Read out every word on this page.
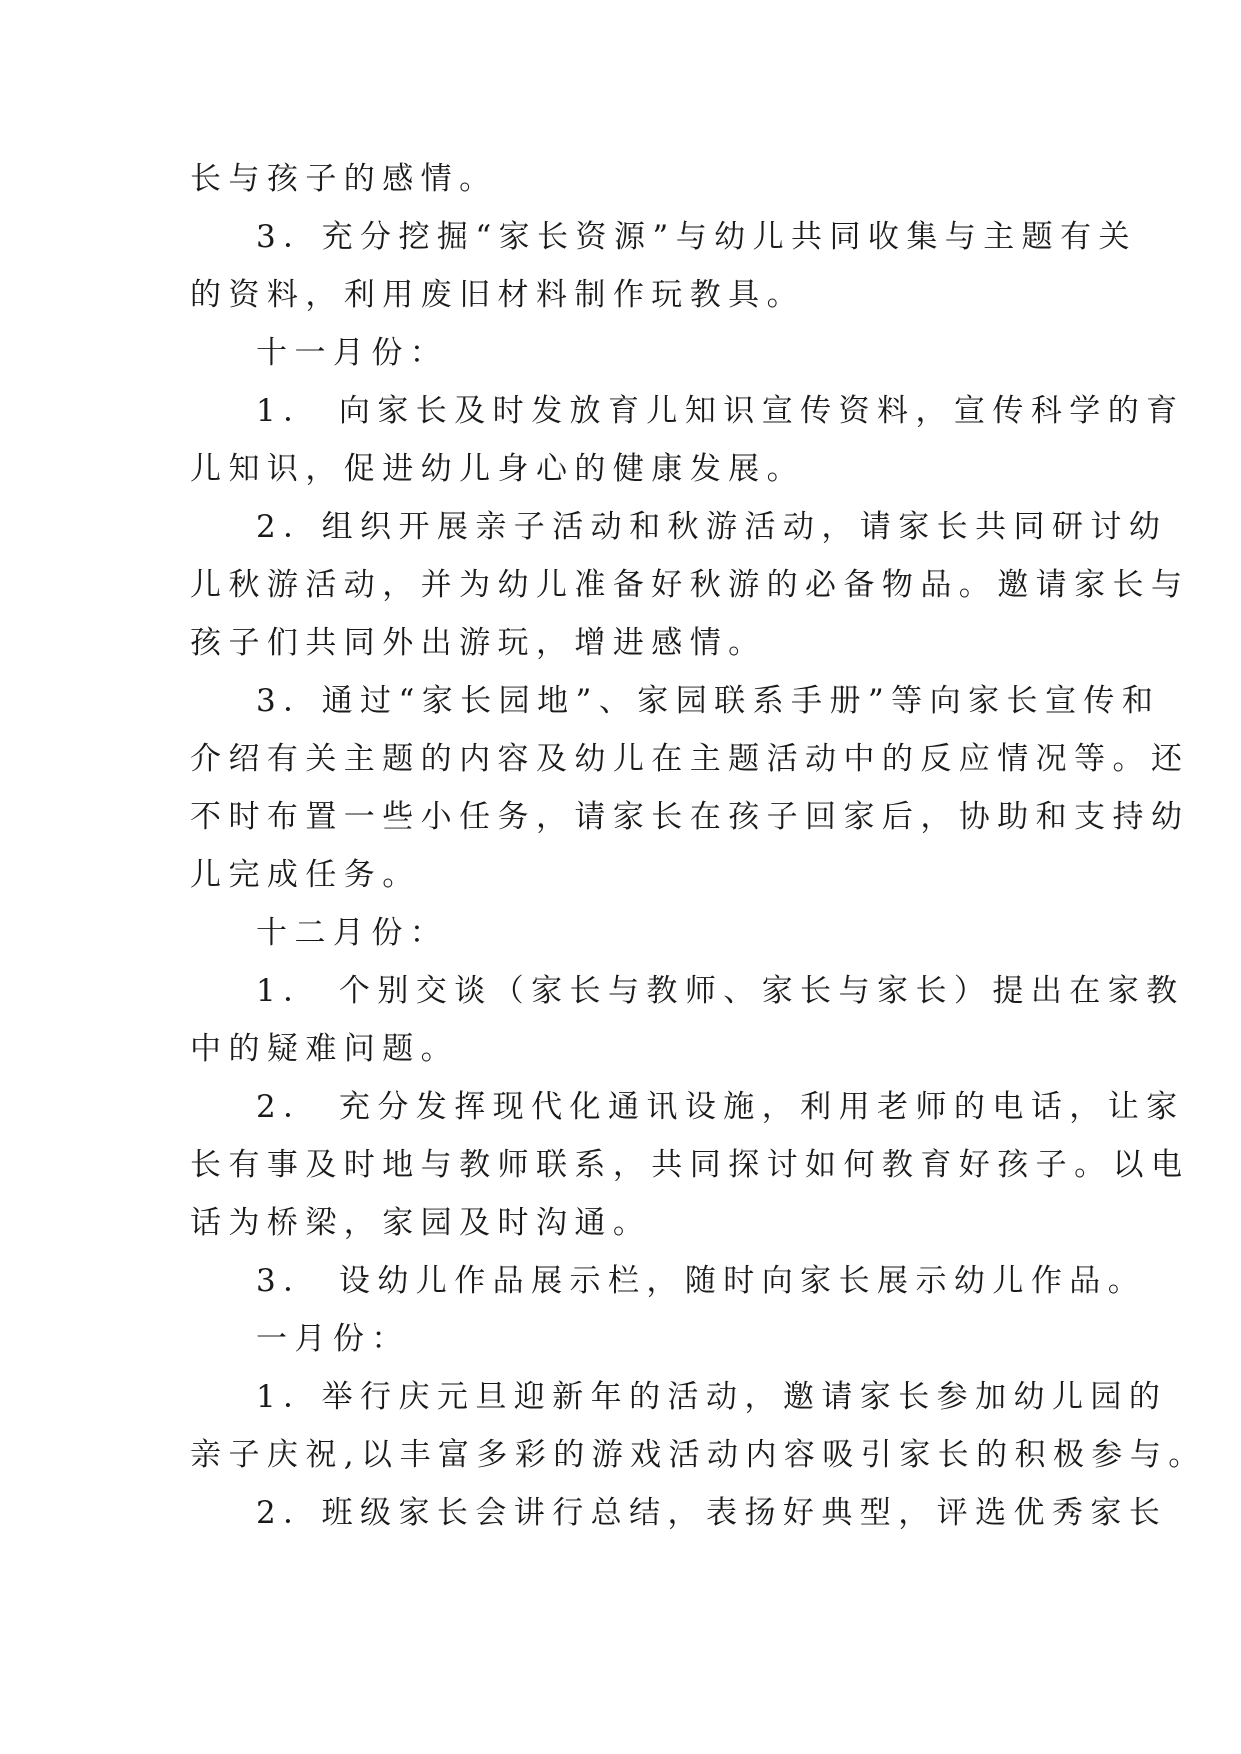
长与孩子的感情。
3．充分挖掘“家长资源”与幼儿共同收集与主题有关
的资料，利用废旧材料制作玩教具。
十一月份：
1． 向家长及时发放育儿知识宣传资料，宣传科学的育
儿知识，促进幼儿身心的健康发展。
2．组织开展亲子活动和秋游活动，请家长共同研讨幼
儿秋游活动，并为幼儿准备好秋游的必备物品。邀请家长与
孩子们共同外出游玩，增进感情。
3．通过“家长园地”、家园联系手册”等向家长宣传和
介绍有关主题的内容及幼儿在主题活动中的反应情况等。还
不时布置一些小任务，请家长在孩子回家后，协助和支持幼
儿完成任务。
十二月份：
1． 个别交谈（家长与教师、家长与家长）提出在家教
中的疑难问题。
2． 充分发挥现代化通讯设施，利用老师的电话，让家
长有事及时地与教师联系，共同探讨如何教育好孩子。以电
话为桥梁，家园及时沟通。
3． 设幼儿作品展示栏，随时向家长展示幼儿作品。
一月份：
1．举行庆元旦迎新年的活动，邀请家长参加幼儿园的
亲子庆祝,以丰富多彩的游戏活动内容吸引家长的积极参与。
2．班级家长会讲行总结，表扬好典型，评选优秀家长
